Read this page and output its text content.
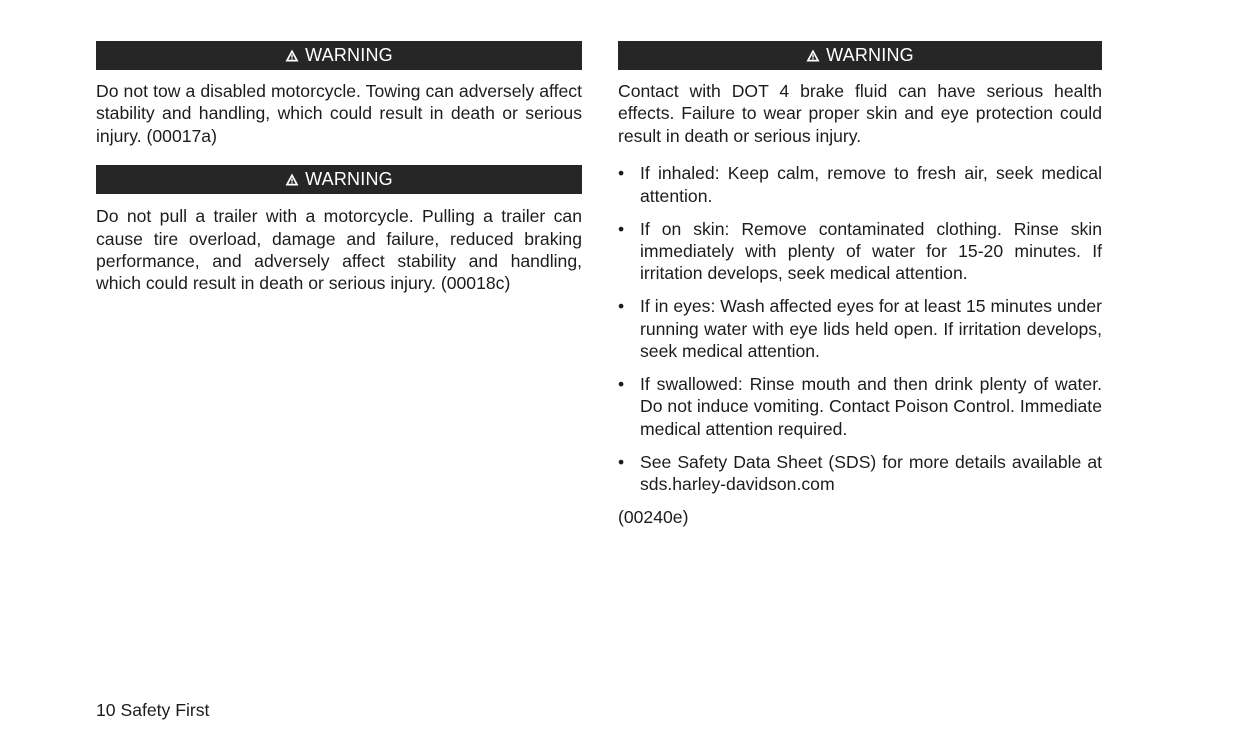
WARNING

Do not tow a disabled motorcycle. Towing can adversely affect stability and handling, which could result in death or serious injury. (00017a)

WARNING

Do not pull a trailer with a motorcycle. Pulling a trailer can cause tire overload, damage and failure, reduced braking performance, and adversely affect stability and handling, which could result in death or serious injury. (00018c)

WARNING

Contact with DOT 4 brake fluid can have serious health effects. Failure to wear proper skin and eye protection could result in death or serious injury.

• If inhaled: Keep calm, remove to fresh air, seek medical attention.
• If on skin: Remove contaminated clothing. Rinse skin immediately with plenty of water for 15-20 minutes. If irritation develops, seek medical attention.
• If in eyes: Wash affected eyes for at least 15 minutes under running water with eye lids held open. If irritation develops, seek medical attention.
• If swallowed: Rinse mouth and then drink plenty of water. Do not induce vomiting. Contact Poison Control. Immediate medical attention required.
• See Safety Data Sheet (SDS) for more details available at sds.harley-davidson.com

(00240e)

10 Safety First
